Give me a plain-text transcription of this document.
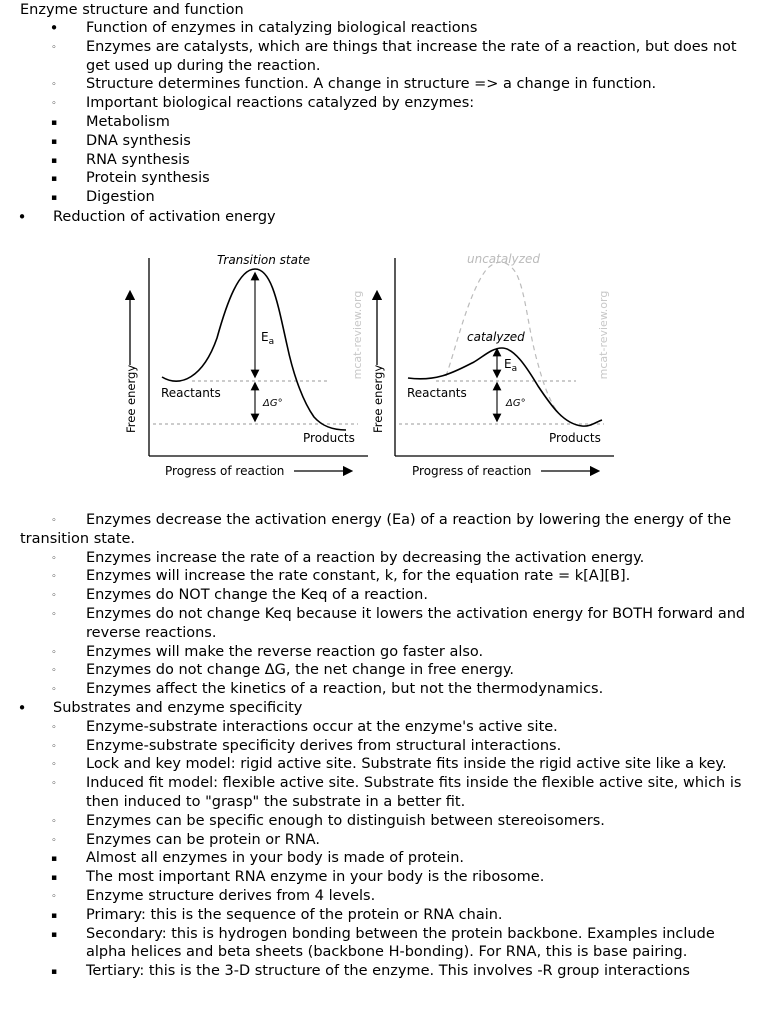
Enzyme structure and function
• Function of enzymes in catalyzing biological reactions
◦ Enzymes are catalysts, which are things that increase the rate of a reaction, but does not get used up during the reaction.
◦ Structure determines function. A change in structure => a change in function.
◦ Important biological reactions catalyzed by enzymes:
▪ Metabolism
▪ DNA synthesis
▪ RNA synthesis
▪ Protein synthesis
▪ Digestion
• Reduction of activation energy
Free energy
Progress of reaction
Transition state
$E_a$
Reactants
ΔG°
Products
mcat-review.org
Free energy
Progress of reaction
uncatalyzed
catalyzed
$E_a$
Reactants
ΔG°
Products
mcat-review.org
◦ Enzymes decrease the activation energy (Ea) of a reaction by lowering the energy of the transition state.
◦ Enzymes increase the rate of a reaction by decreasing the activation energy.
◦ Enzymes will increase the rate constant, k, for the equation rate = k[A][B].
◦ Enzymes do NOT change the Keq of a reaction.
◦ Enzymes do not change Keq because it lowers the activation energy for BOTH forward and reverse reactions.
◦ Enzymes will make the reverse reaction go faster also.
◦ Enzymes do not change ΔG, the net change in free energy.
◦ Enzymes affect the kinetics of a reaction, but not the thermodynamics.
• Substrates and enzyme specificity
◦ Enzyme-substrate interactions occur at the enzyme's active site.
◦ Enzyme-substrate specificity derives from structural interactions.
◦ Lock and key model: rigid active site. Substrate fits inside the rigid active site like a key.
◦ Induced fit model: flexible active site. Substrate fits inside the flexible active site, which is then induced to "grasp" the substrate in a better fit.
◦ Enzymes can be specific enough to distinguish between stereoisomers.
◦ Enzymes can be protein or RNA.
▪ Almost all enzymes in your body is made of protein.
▪ The most important RNA enzyme in your body is the ribosome.
◦ Enzyme structure derives from 4 levels.
▪ Primary: this is the sequence of the protein or RNA chain.
▪ Secondary: this is hydrogen bonding between the protein backbone. Examples include alpha helices and beta sheets (backbone H-bonding). For RNA, this is base pairing.
▪ Tertiary: this is the 3-D structure of the enzyme. This involves -R group interactions
